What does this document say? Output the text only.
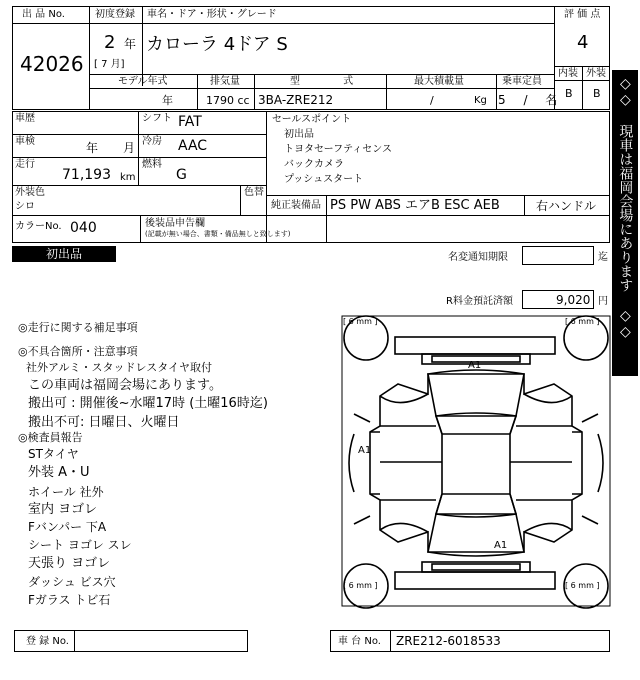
出 品 No.
42026
初度登録
2 年
[ 7 月]
車名・ドア・形状・グレード
カローラ 4ドア S
モデル年式	排気量	型 式	最大積載量	乗車定員
年	1790 cc 3BA-ZRE212	/	Kg 5 / 名
評 価 点
4
内装 外装
B B
車歴
車検	年 月
走行
71,193 km
シフト FAT
冷房 AAC
燃料
G
セールスポイント
初出品
トヨタセーフティセンス
バックカメラ
プッシュスタート
外装色
シロ
色替
純正装備品 PS PW ABS エアB ESC AEB	右ハンドル
カラーNo. 040	後装品申告欄
(記載が無い場合、書類・備品無しと致します)
初出品	名変通知期限	迄
R料金預託済額	9,020 円
◎走行に関する補足事項
◎不具合箇所・注意事項
社外アルミ・スタッドレスタイヤ取付
この車両は福岡会場にあります。
搬出可 : 開催後~水曜17時 (土曜16時迄)
搬出不可: 日曜日、火曜日
◎検査員報告
STタイヤ
外装 A・U
ホイール 社外
室内 ヨゴレ
Fバンパー 下A
シート ヨゴレ スレ
天張り ヨゴレ
ダッシュ ビス穴
Fガラス トビ石
[ 6 mm ]	[ 6 mm ]
[ 6 mm ]	[ 6 mm ]
A1
A1
A1
◇◇ 現車は福岡会場にあります ◇◇
登 録 No.	車 台 No. ZRE212-6018533
